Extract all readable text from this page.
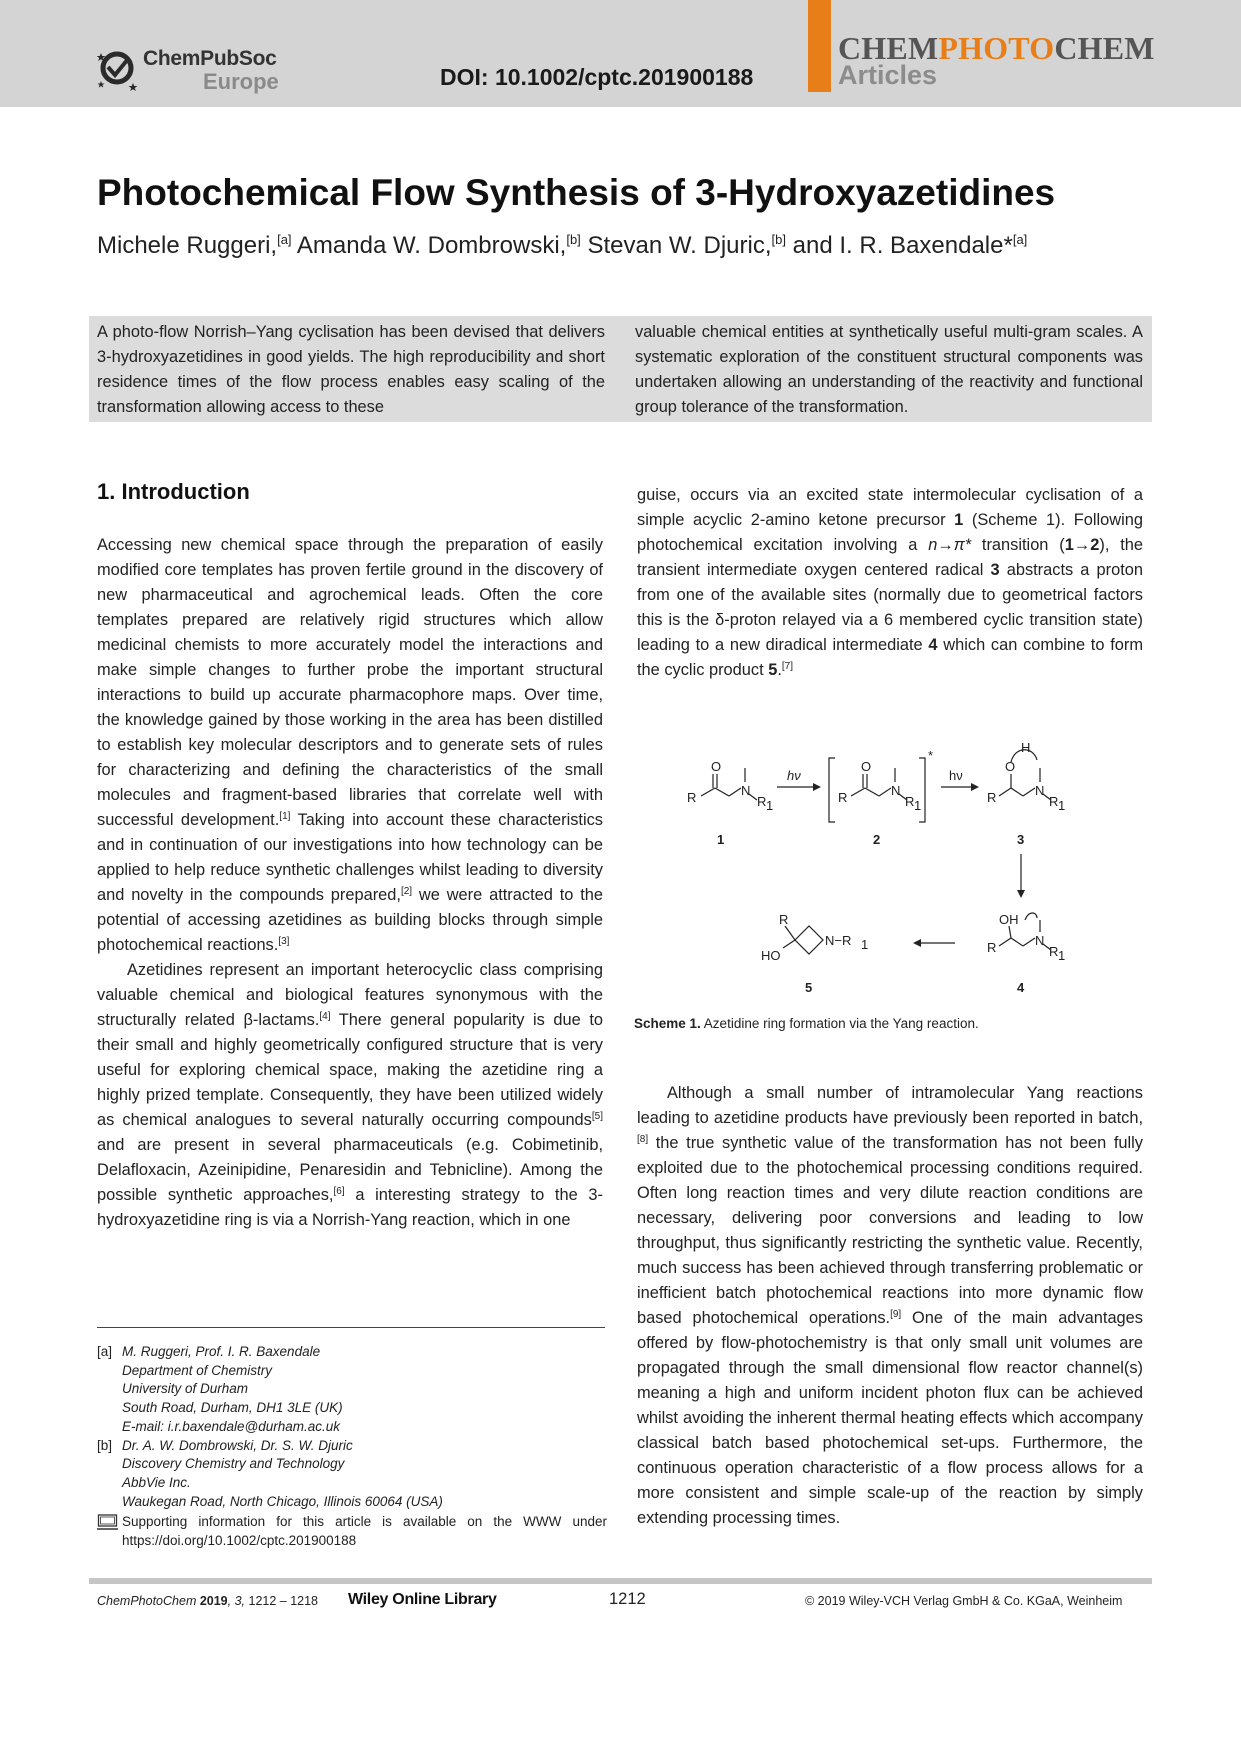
ChemPubSoc
Europe	DOI: 10.1002/cptc.201900188
CHEMPHOTOCHEM
Articles
Photochemical Flow Synthesis of 3-Hydroxyazetidines
Michele Ruggeri,[a] Amanda W. Dombrowski,[b] Stevan W. Djuric,[b] and I. R. Baxendale*[a]
A photo-flow Norrish–Yang cyclisation has been devised that delivers 3-hydroxyazetidines in good yields. The high reproducibility and short residence times of the flow process enables easy scaling of the transformation allowing access to these
valuable chemical entities at synthetically useful multi-gram scales. A systematic exploration of the constituent structural components was undertaken allowing an understanding of the reactivity and functional group tolerance of the transformation.
1. Introduction

Accessing new chemical space through the preparation of easily modified core templates has proven fertile ground in the discovery of new pharmaceutical and agrochemical leads. Often the core templates prepared are relatively rigid structures which allow medicinal chemists to more accurately model the interactions and make simple changes to further probe the important structural interactions to build up accurate pharmacophore maps. Over time, the knowledge gained by those working in the area has been distilled to establish key molecular descriptors and to generate sets of rules for characterizing and defining the characteristics of the small molecules and fragment-based libraries that correlate well with successful development.[1] Taking into account these characteristics and in continuation of our investigations into how technology can be applied to help reduce synthetic challenges whilst leading to diversity and novelty in the compounds prepared,[2] we were attracted to the potential of accessing azetidines as building blocks through simple photochemical reactions.[3]

Azetidines represent an important heterocyclic class comprising valuable chemical and biological features synonymous with the structurally related β-lactams.[4] There general popularity is due to their small and highly geometrically configured structure that is very useful for exploring chemical space, making the azetidine ring a highly prized template. Consequently, they have been utilized widely as chemical analogues to several naturally occurring compounds[5] and are present in several pharmaceuticals (e.g. Cobimetinib, Delafloxacin, Azeinipidine, Penaresidin and Tebnicline). Among the possible synthetic approaches,[6] a interesting strategy to the 3-hydroxyazetidine ring is via a Norrish-Yang reaction, which in one

guise, occurs via an excited state intermolecular cyclisation of a simple acyclic 2-amino ketone precursor 1 (Scheme 1). Following photochemical excitation involving a n→π* transition (1→2), the transient intermediate oxygen centered radical 3 abstracts a proton from one of the available sites (normally due to geometrical factors this is the δ-proton relayed via a 6 membered cyclic transition state) leading to a new diradical intermediate 4 which can combine to form the cyclic product 5.[7]

O
R	N
R 1
1
hν
O
R	N
R 1
*
2
hν
O
H
R	N
R 1
3
OH
R	N
R 1
4
R
HO
N−R 1
5
Scheme 1. Azetidine ring formation via the Yang reaction.

Although a small number of intramolecular Yang reactions leading to azetidine products have previously been reported in batch,[8] the true synthetic value of the transformation has not been fully exploited due to the photochemical processing conditions required. Often long reaction times and very dilute reaction conditions are necessary, delivering poor conversions and leading to low throughput, thus significantly restricting the synthetic value. Recently, much success has been achieved through transferring problematic or inefficient batch photochemical reactions into more dynamic flow based photochemical operations.[9] One of the main advantages offered by flow-photochemistry is that only small unit volumes are propagated through the small dimensional flow reactor channel(s) meaning a high and uniform incident photon flux can be achieved whilst avoiding the inherent thermal heating effects which accompany classical batch based photochemical set-ups. Furthermore, the continuous operation characteristic of a flow process allows for a more consistent and simple scale-up of the reaction by simply extending processing times.

[a] M. Ruggeri, Prof. I. R. Baxendale
Department of Chemistry
University of Durham
South Road, Durham, DH1 3LE (UK)
E-mail: i.r.baxendale@durham.ac.uk
[b] Dr. A. W. Dombrowski, Dr. S. W. Djuric
Discovery Chemistry and Technology
AbbVie Inc.
Waukegan Road, North Chicago, Illinois 60064 (USA)
Supporting information for this article is available on the WWW under https://doi.org/10.1002/cptc.201900188
ChemPhotoChem 2019, 3, 1212 – 1218 Wiley Online Library	1212	© 2019 Wiley-VCH Verlag GmbH & Co. KGaA, Weinheim
